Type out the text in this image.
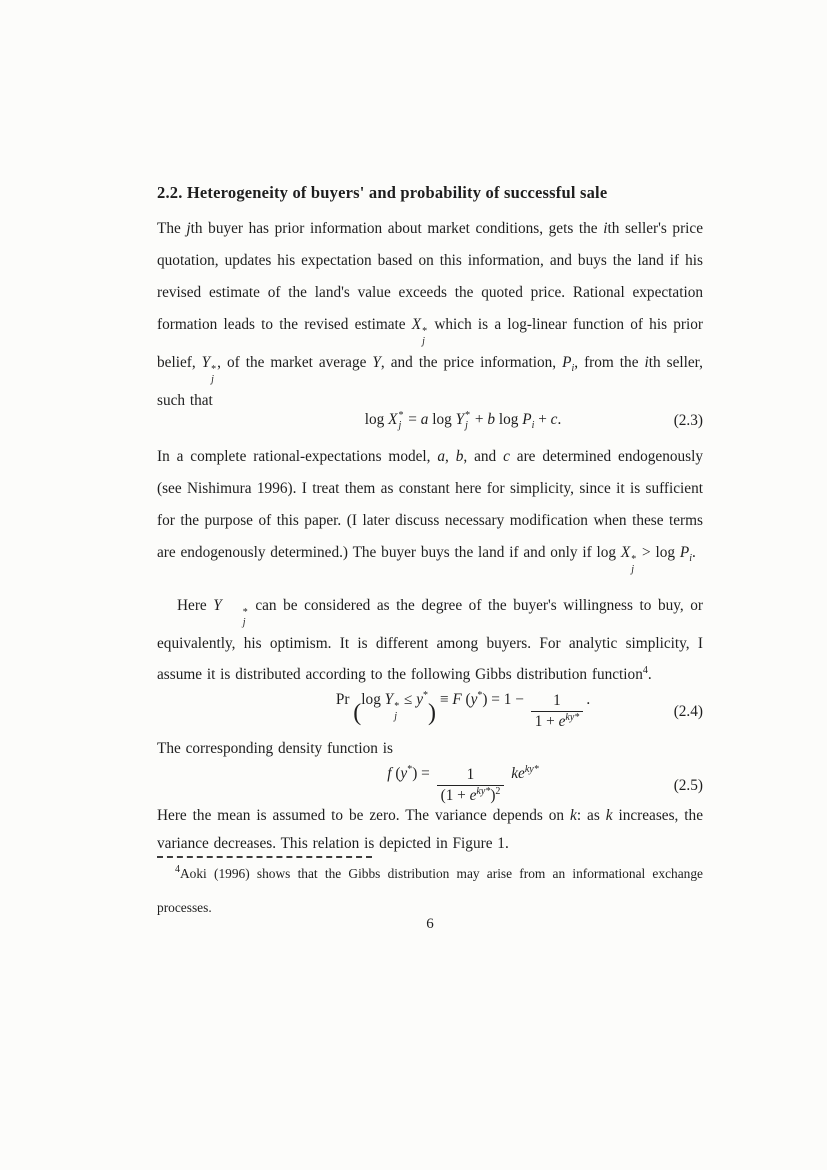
2.2. Heterogeneity of buyers' and probability of successful sale

The jth buyer has prior information about market conditions, gets the ith seller's price quotation, updates his expectation based on this information, and buys the land if his revised estimate of the land's value exceeds the quoted price. Rational expectation formation leads to the revised estimate X *
j
which is a log-linear function of his prior belief, Y *
j
, of the market average Y, and the price information, $P_i$, from the ith seller, such that

log X *
j = a log Y *
j + b log P i + c .	(2.3)

In a complete rational-expectations model, a, b, and c are determined endogenously (see Nishimura 1996). I treat them as constant here for simplicity, since it is sufficient for the purpose of this paper. (I later discuss necessary modification when these terms are endogenously determined.) The buyer buys the land if and only if log X *
j
> $\log P_i$.

Here Y	*
j
can be considered as the degree of the buyer's willingness to buy, or equivalently, his optimism. It is different among buyers. For analytic simplicity, I assume it is distributed according to the following Gibbs distribution function$^4$.

Pr
(
log Y *
j
≤ y *
)
≡ F ( y * ) = $1 - \frac{1}{1 + e^{ky*}}$ .
(2.4)

The corresponding density function is

f ( y * ) = $\frac{1}{(1 + e^{ky*})^2}$
ke ky*
(2.5)

Here the mean is assumed to be zero. The variance depends on k: as k increases, the variance decreases. This relation is depicted in Figure 1.

$^4$Aoki (1996) shows that the Gibbs distribution may arise from an informational exchange processes.

6
